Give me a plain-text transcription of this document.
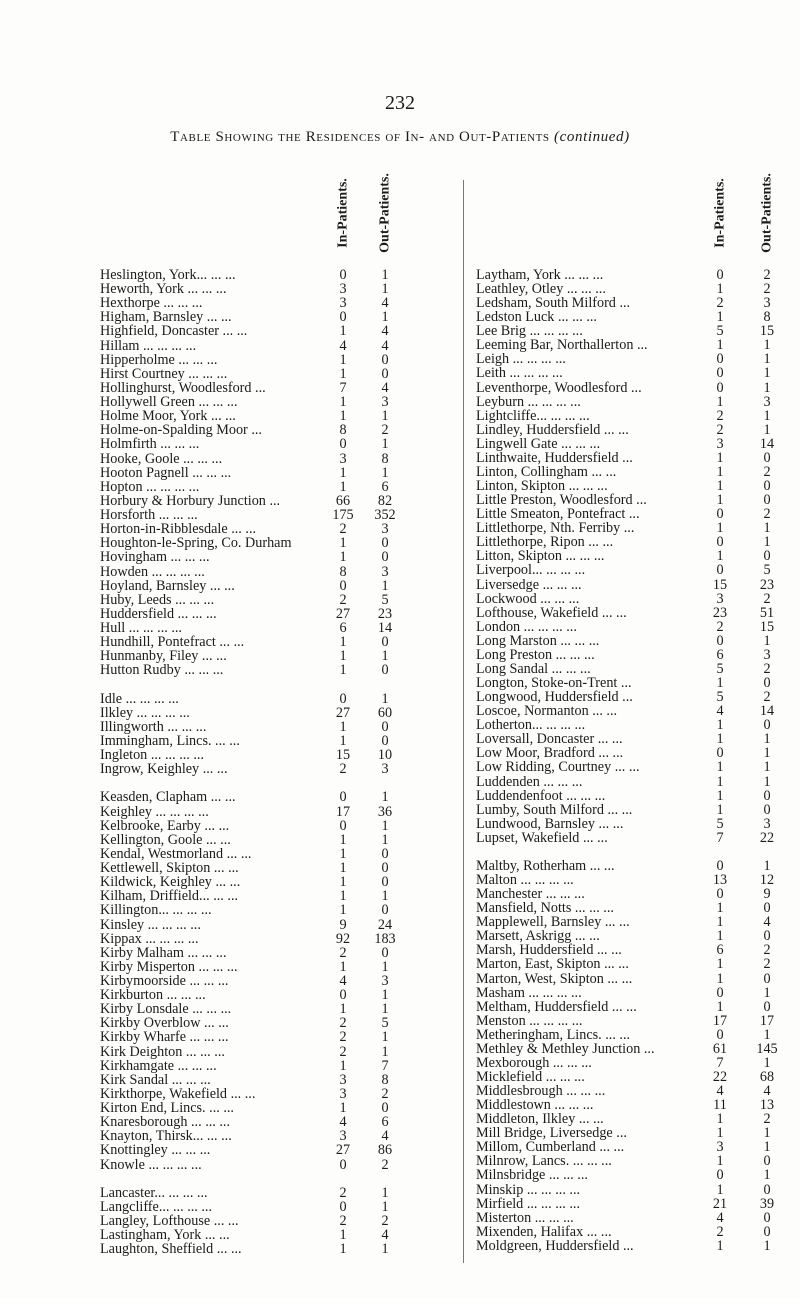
232
Table Showing the Residences of In- and Out-Patients (continued)
In-Patients. Out-Patients.
Heslington, York... ... ...	0	1
Heworth, York ... ... ...	3	1
Hexthorpe ... ... ...	3	4
Higham, Barnsley ... ...	0	1
Highfield, Doncaster ... ...	1	4
Hillam ... ... ... ...	4	4
Hipperholme ... ... ...	1	0
Hirst Courtney ... ... ...	1	0
Hollinghurst, Woodlesford ...	7	4
Hollywell Green ... ... ...	1	3
Holme Moor, York ... ...	1	1
Holme-on-Spalding Moor ...	8	2
Holmfirth ... ... ...	0	1
Hooke, Goole ... ... ...	3	8
Hooton Pagnell ... ... ...	1	1
Hopton ... ... ... ...	1	6
Horbury & Horbury Junction ...	66	82
Horsforth ... ... ...	175	352
Horton-in-Ribblesdale ... ...	2	3
Houghton-le-Spring, Co. Durham	1	0
Hovingham ... ... ...	1	0
Howden ... ... ... ...	8	3
Hoyland, Barnsley ... ...	0	1
Huby, Leeds ... ... ...	2	5
Huddersfield ... ... ...	27	23
Hull ... ... ... ...	6	14
Hundhill, Pontefract ... ...	1	0
Hunmanby, Filey ... ...	1	1
Hutton Rudby ... ... ...	1	0
Idle ... ... ... ...	0	1
Ilkley ... ... ... ...	27	60
Illingworth ... ... ...	1	0
Immingham, Lincs. ... ...	1	0
Ingleton ... ... ... ...	15	10
Ingrow, Keighley ... ...	2	3
Keasden, Clapham ... ...	0	1
Keighley ... ... ... ...	17	36
Kelbrooke, Earby ... ...	0	1
Kellington, Goole ... ...	1	1
Kendal, Westmorland ... ...	1	0
Kettlewell, Skipton ... ...	1	0
Kildwick, Keighley ... ...	1	0
Kilham, Driffield... ... ...	1	1
Killington... ... ... ...	1	0
Kinsley ... ... ... ...	9	24
Kippax ... ... ... ...	92	183
Kirby Malham ... ... ...	2	0
Kirby Misperton ... ... ...	1	1
Kirbymoorside ... ... ...	4	3
Kirkburton ... ... ...	0	1
Kirby Lonsdale ... ... ...	1	1
Kirkby Overblow ... ...	2	5
Kirkby Wharfe ... ... ...	2	1
Kirk Deighton ... ... ...	2	1
Kirkhamgate ... ... ...	1	7
Kirk Sandal ... ... ...	3	8
Kirkthorpe, Wakefield ... ...	3	2
Kirton End, Lincs. ... ...	1	0
Knaresborough ... ... ...	4	6
Knayton, Thirsk... ... ...	3	4
Knottingley ... ... ...	27	86
Knowle ... ... ... ...	0	2
Lancaster... ... ... ...	2	1
Langcliffe... ... ... ...	0	1
Langley, Lofthouse ... ...	2	2
Lastingham, York ... ...	1	4
Laughton, Sheffield ... ...	1	1
In-Patients. Out-Patients.
Laytham, York ... ... ...	0	2
Leathley, Otley ... ... ...	1	2
Ledsham, South Milford ...	2	3
Ledston Luck ... ... ...	1	8
Lee Brig ... ... ... ...	5	15
Leeming Bar, Northallerton ...	1	1
Leigh ... ... ... ...	0	1
Leith ... ... ... ...	0	1
Leventhorpe, Woodlesford ...	0	1
Leyburn ... ... ... ...	1	3
Lightcliffe... ... ... ...	2	1
Lindley, Huddersfield ... ...	2	1
Lingwell Gate ... ... ...	3	14
Linthwaite, Huddersfield ...	1	0
Linton, Collingham ... ...	1	2
Linton, Skipton ... ... ...	1	0
Little Preston, Woodlesford ...	1	0
Little Smeaton, Pontefract ...	0	2
Littlethorpe, Nth. Ferriby ...	1	1
Littlethorpe, Ripon ... ...	0	1
Litton, Skipton ... ... ...	1	0
Liverpool... ... ... ...	0	5
Liversedge ... ... ...	15	23
Lockwood ... ... ...	3	2
Lofthouse, Wakefield ... ...	23	51
London ... ... ... ...	2	15
Long Marston ... ... ...	0	1
Long Preston ... ... ...	6	3
Long Sandal ... ... ...	5	2
Longton, Stoke-on-Trent ...	1	0
Longwood, Huddersfield ...	5	2
Loscoe, Normanton ... ...	4	14
Lotherton... ... ... ...	1	0
Loversall, Doncaster ... ...	1	1
Low Moor, Bradford ... ...	0	1
Low Ridding, Courtney ... ...	1	1
Luddenden ... ... ...	1	1
Luddendenfoot ... ... ...	1	0
Lumby, South Milford ... ...	1	0
Lundwood, Barnsley ... ...	5	3
Lupset, Wakefield ... ...	7	22
Maltby, Rotherham ... ...	0	1
Malton ... ... ... ...	13	12
Manchester ... ... ...	0	9
Mansfield, Notts ... ... ...	1	0
Mapplewell, Barnsley ... ...	1	4
Marsett, Askrigg ... ...	1	0
Marsh, Huddersfield ... ...	6	2
Marton, East, Skipton ... ...	1	2
Marton, West, Skipton ... ...	1	0
Masham ... ... ... ...	0	1
Meltham, Huddersfield ... ...	1	0
Menston ... ... ... ...	17	17
Metheringham, Lincs. ... ...	0	1
Methley & Methley Junction ...	61	145
Mexborough ... ... ...	7	1
Micklefield ... ... ...	22	68
Middlesbrough ... ... ...	4	4
Middlestown ... ... ...	11	13
Middleton, Ilkley ... ...	1	2
Mill Bridge, Liversedge ...	1	1
Millom, Cumberland ... ...	3	1
Milnrow, Lancs. ... ... ...	1	0
Milnsbridge ... ... ...	0	1
Minskip ... ... ... ...	1	0
Mirfield ... ... ... ...	21	39
Misterton ... ... ...	4	0
Mixenden, Halifax ... ...	2	0
Moldgreen, Huddersfield ...	1	1
